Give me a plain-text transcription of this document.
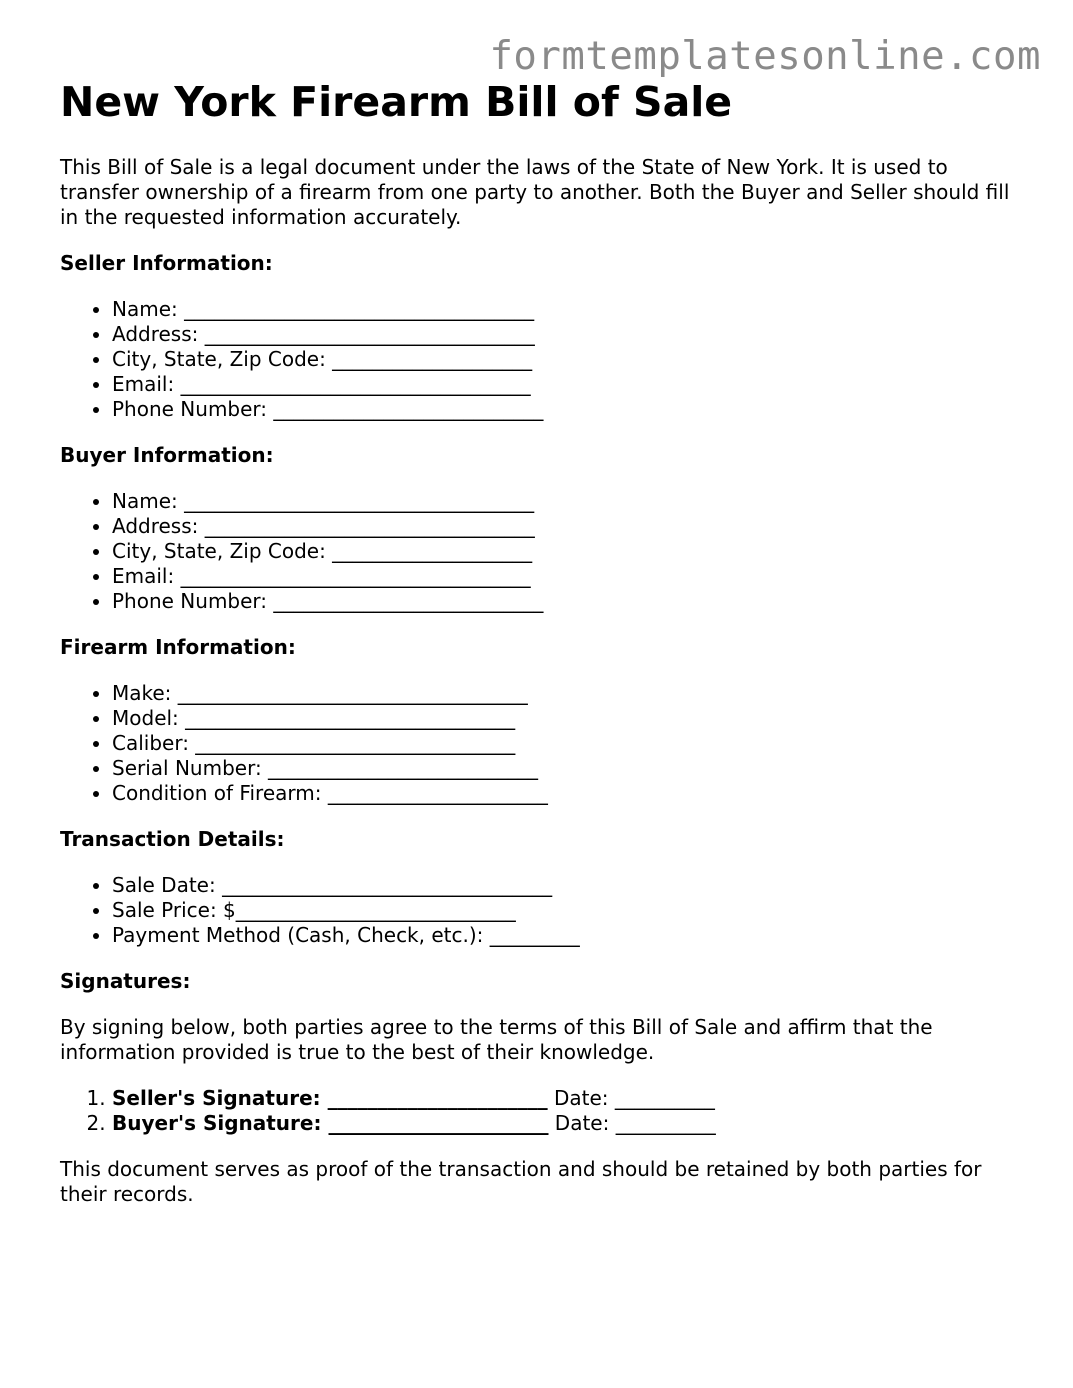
formtemplatesonline.com
New York Firearm Bill of Sale

This Bill of Sale is a legal document under the laws of the State of New York. It is used to transfer ownership of a firearm from one party to another. Both the Buyer and Seller should fill in the requested information accurately.

Seller Information:

• Name: ___________________________________
• Address: _________________________________
• City, State, Zip Code: ____________________
• Email: ___________________________________
• Phone Number: ___________________________

Buyer Information:

• Name: ___________________________________
• Address: _________________________________
• City, State, Zip Code: ____________________
• Email: ___________________________________
• Phone Number: ___________________________

Firearm Information:

• Make: ___________________________________
• Model: _________________________________
• Caliber: ________________________________
• Serial Number: ___________________________
• Condition of Firearm: ______________________

Transaction Details:

• Sale Date: _________________________________
• Sale Price: $____________________________
• Payment Method (Cash, Check, etc.): _________

Signatures:

By signing below, both parties agree to the terms of this Bill of Sale and affirm that the information provided is true to the best of their knowledge.

1. Seller's Signature: ______________________ Date: __________
2. Buyer's Signature: ______________________ Date: __________

This document serves as proof of the transaction and should be retained by both parties for their records.
